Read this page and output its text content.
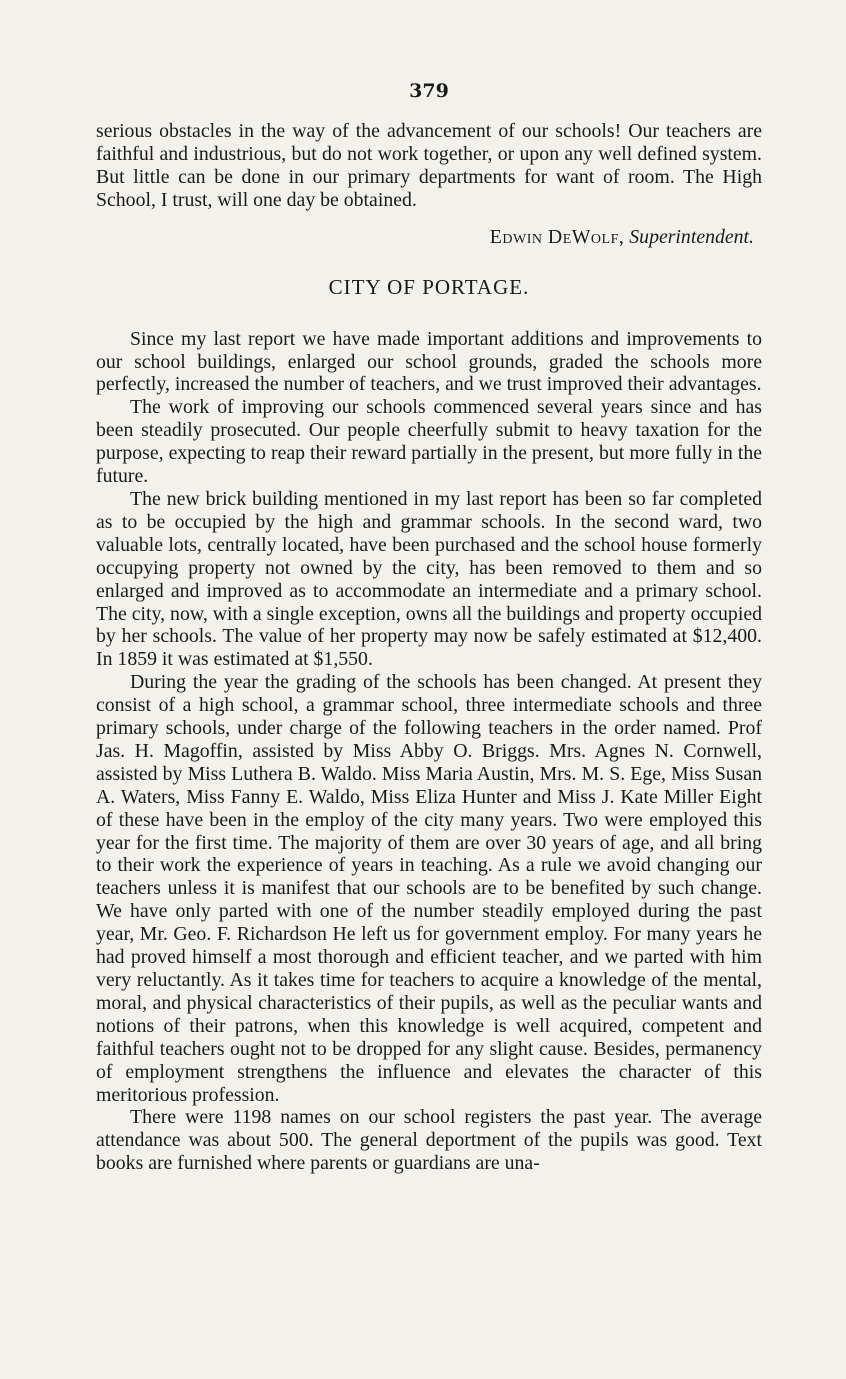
379

serious obstacles in the way of the advancement of our schools! Our teachers are faithful and industrious, but do not work together, or upon any well defined system. But little can be done in our primary departments for want of room. The High School, I trust, will one day be obtained.

Edwin DeWolf, Superintendent.
CITY OF PORTAGE.

Since my last report we have made important additions and improvements to our school buildings, enlarged our school grounds, graded the schools more perfectly, increased the number of teachers, and we trust improved their advantages.

The work of improving our schools commenced several years since and has been steadily prosecuted. Our people cheerfully submit to heavy taxation for the purpose, expecting to reap their reward partially in the present, but more fully in the future.

The new brick building mentioned in my last report has been so far completed as to be occupied by the high and grammar schools. In the second ward, two valuable lots, centrally located, have been purchased and the school house formerly occupying property not owned by the city, has been removed to them and so enlarged and improved as to accommodate an intermediate and a primary school. The city, now, with a single exception, owns all the buildings and property occupied by her schools. The value of her property may now be safely estimated at $12,400. In 1859 it was estimated at $1,550.

During the year the grading of the schools has been changed. At present they consist of a high school, a grammar school, three intermediate schools and three primary schools, under charge of the following teachers in the order named. Prof Jas. H. Magoffin, assisted by Miss Abby O. Briggs. Mrs. Agnes N. Cornwell, assisted by Miss Luthera B. Waldo. Miss Maria Austin, Mrs. M. S. Ege, Miss Susan A. Waters, Miss Fanny E. Waldo, Miss Eliza Hunter and Miss J. Kate Miller Eight of these have been in the employ of the city many years. Two were employed this year for the first time. The majority of them are over 30 years of age, and all bring to their work the experience of years in teaching. As a rule we avoid changing our teachers unless it is manifest that our schools are to be benefited by such change. We have only parted with one of the number steadily employed during the past year, Mr. Geo. F. Richardson He left us for government employ. For many years he had proved himself a most thorough and efficient teacher, and we parted with him very reluctantly. As it takes time for teachers to acquire a knowledge of the mental, moral, and physical characteristics of their pupils, as well as the peculiar wants and notions of their patrons, when this knowledge is well acquired, competent and faithful teachers ought not to be dropped for any slight cause. Besides, permanency of employment strengthens the influence and elevates the character of this meritorious profession.

There were 1198 names on our school registers the past year. The average attendance was about 500. The general deportment of the pupils was good. Text books are furnished where parents or guardians are una-
